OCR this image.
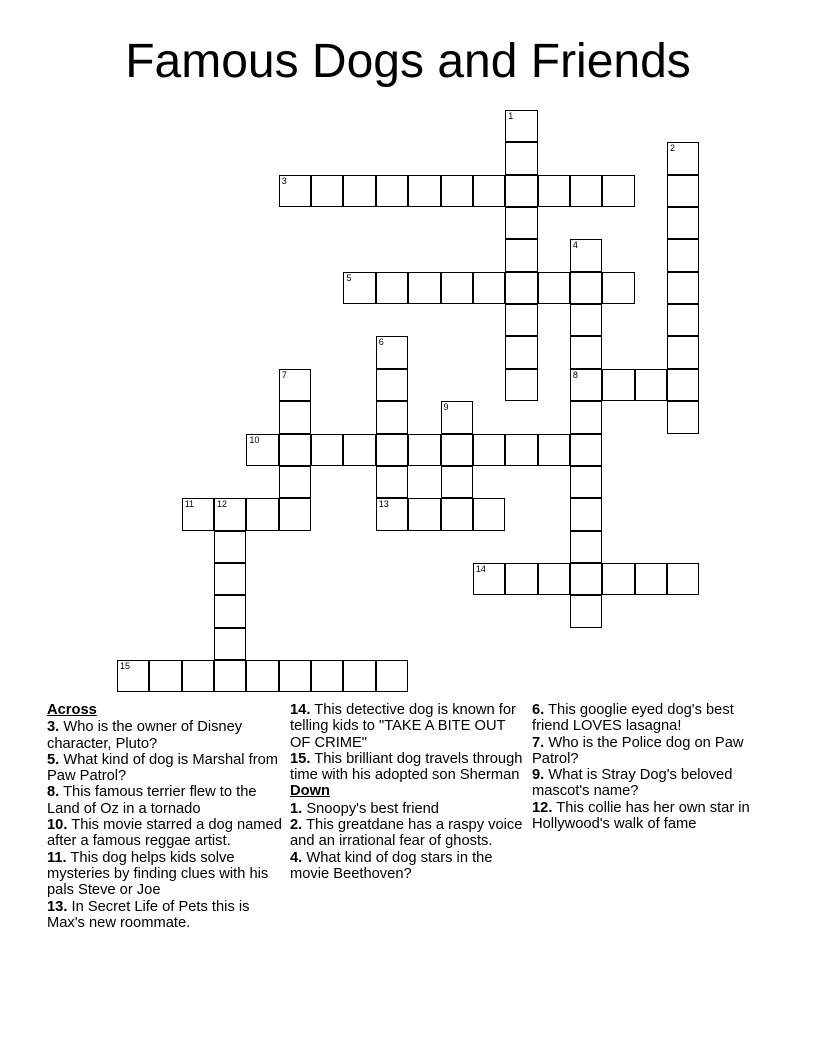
Famous Dogs and Friends
3
5
8
10
11	12	13
14
15
1
2
4
6
7
9
Across
3. Who is the owner of Disney character, Pluto?
5. What kind of dog is Marshal from Paw Patrol?
8. This famous terrier flew to the Land of Oz in a tornado
10. This movie starred a dog named after a famous reggae artist.
11. This dog helps kids solve mysteries by finding clues with his pals Steve or Joe
13. In Secret Life of Pets this is Max's new roommate.
14. This detective dog is known for telling kids to "TAKE A BITE OUT OF CRIME"
15. This brilliant dog travels through time with his adopted son Sherman
Down
1. Snoopy's best friend
2. This greatdane has a raspy voice and an irrational fear of ghosts.
4. What kind of dog stars in the movie Beethoven?
6. This googlie eyed dog's best friend LOVES lasagna!
7. Who is the Police dog on Paw Patrol?
9. What is Stray Dog's beloved mascot's name?
12. This collie has her own star in Hollywood's walk of fame
